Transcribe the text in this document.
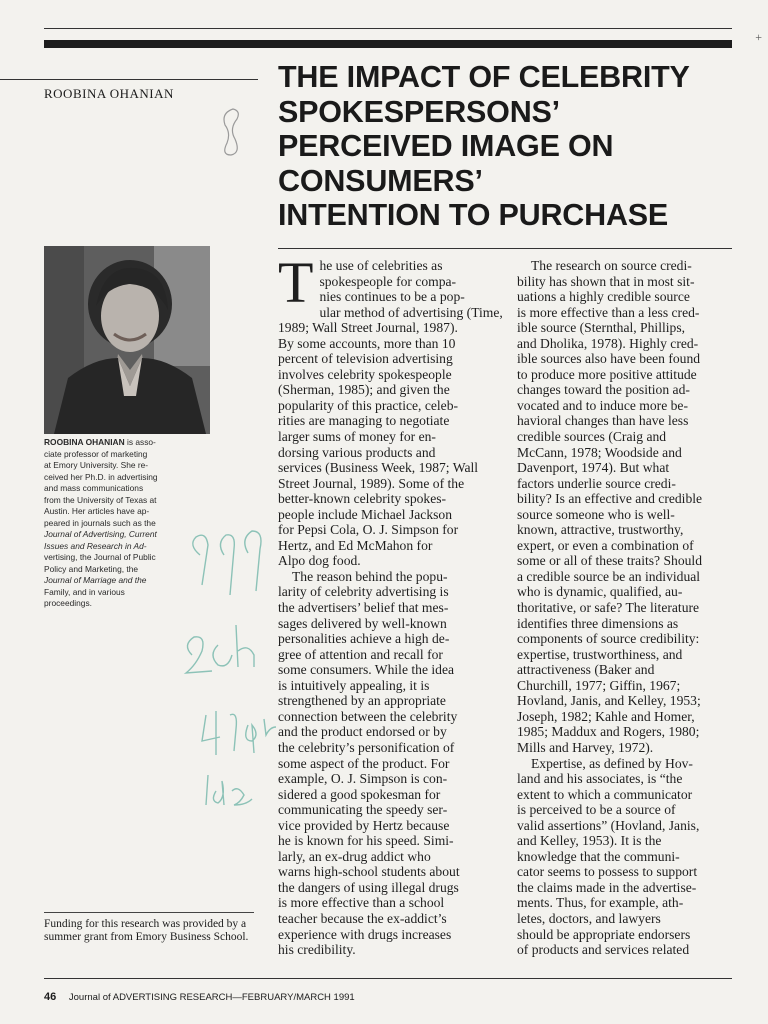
+
ROOBINA OHANIAN	THE IMPACT OF CELEBRITY
SPOKESPERSONS’
PERCEIVED IMAGE ON
CONSUMERS’
INTENTION TO PURCHASE
ROOBINA OHANIAN is asso-
ciate professor of marketing
at Emory University. She re-
ceived her Ph.D. in advertising
and mass communications
from the University of Texas at
Austin. Her articles have ap-
peared in journals such as the
Journal of Advertising, Current
Issues and Research in Ad-
vertising, the Journal of Public
Policy and Marketing, the
Journal of Marriage and the
Family, and in various
proceedings.
Funding for this research was provided by a summer grant from Emory Business School.
T he use of celebrities as
spokespeople for compa-
nies continues to be a pop-
ular method of advertising (Time,
1989; Wall Street Journal, 1987).
By some accounts, more than 10
percent of television advertising
involves celebrity spokespeople
(Sherman, 1985); and given the
popularity of this practice, celeb-
rities are managing to negotiate
larger sums of money for en-
dorsing various products and
services (Business Week, 1987; Wall
Street Journal, 1989). Some of the
better-known celebrity spokes-
people include Michael Jackson
for Pepsi Cola, O. J. Simpson for
Hertz, and Ed McMahon for
Alpo dog food.
The reason behind the popu-
larity of celebrity advertising is
the advertisers’ belief that mes-
sages delivered by well-known
personalities achieve a high de-
gree of attention and recall for
some consumers. While the idea
is intuitively appealing, it is
strengthened by an appropriate
connection between the celebrity
and the product endorsed or by
the celebrity’s personification of
some aspect of the product. For
example, O. J. Simpson is con-
sidered a good spokesman for
communicating the speedy ser-
vice provided by Hertz because
he is known for his speed. Simi-
larly, an ex-drug addict who
warns high-school students about
the dangers of using illegal drugs
is more effective than a school
teacher because the ex-addict’s
experience with drugs increases
his credibility.
The research on source credi-
bility has shown that in most sit-
uations a highly credible source
is more effective than a less cred-
ible source (Sternthal, Phillips,
and Dholika, 1978). Highly cred-
ible sources also have been found
to produce more positive attitude
changes toward the position ad-
vocated and to induce more be-
havioral changes than have less
credible sources (Craig and
McCann, 1978; Woodside and
Davenport, 1974). But what
factors underlie source credi-
bility? Is an effective and credible
source someone who is well-
known, attractive, trustworthy,
expert, or even a combination of
some or all of these traits? Should
a credible source be an individual
who is dynamic, qualified, au-
thoritative, or safe? The literature
identifies three dimensions as
components of source credibility:
expertise, trustworthiness, and
attractiveness (Baker and
Churchill, 1977; Giffin, 1967;
Hovland, Janis, and Kelley, 1953;
Joseph, 1982; Kahle and Homer,
1985; Maddux and Rogers, 1980;
Mills and Harvey, 1972).
Expertise, as defined by Hov-
land and his associates, is “the
extent to which a communicator
is perceived to be a source of
valid assertions” (Hovland, Janis,
and Kelley, 1953). It is the
knowledge that the communi-
cator seems to possess to support
the claims made in the advertise-
ments. Thus, for example, ath-
letes, doctors, and lawyers
should be appropriate endorsers
of products and services related
46 Journal of ADVERTISING RESEARCH—FEBRUARY/MARCH 1991
